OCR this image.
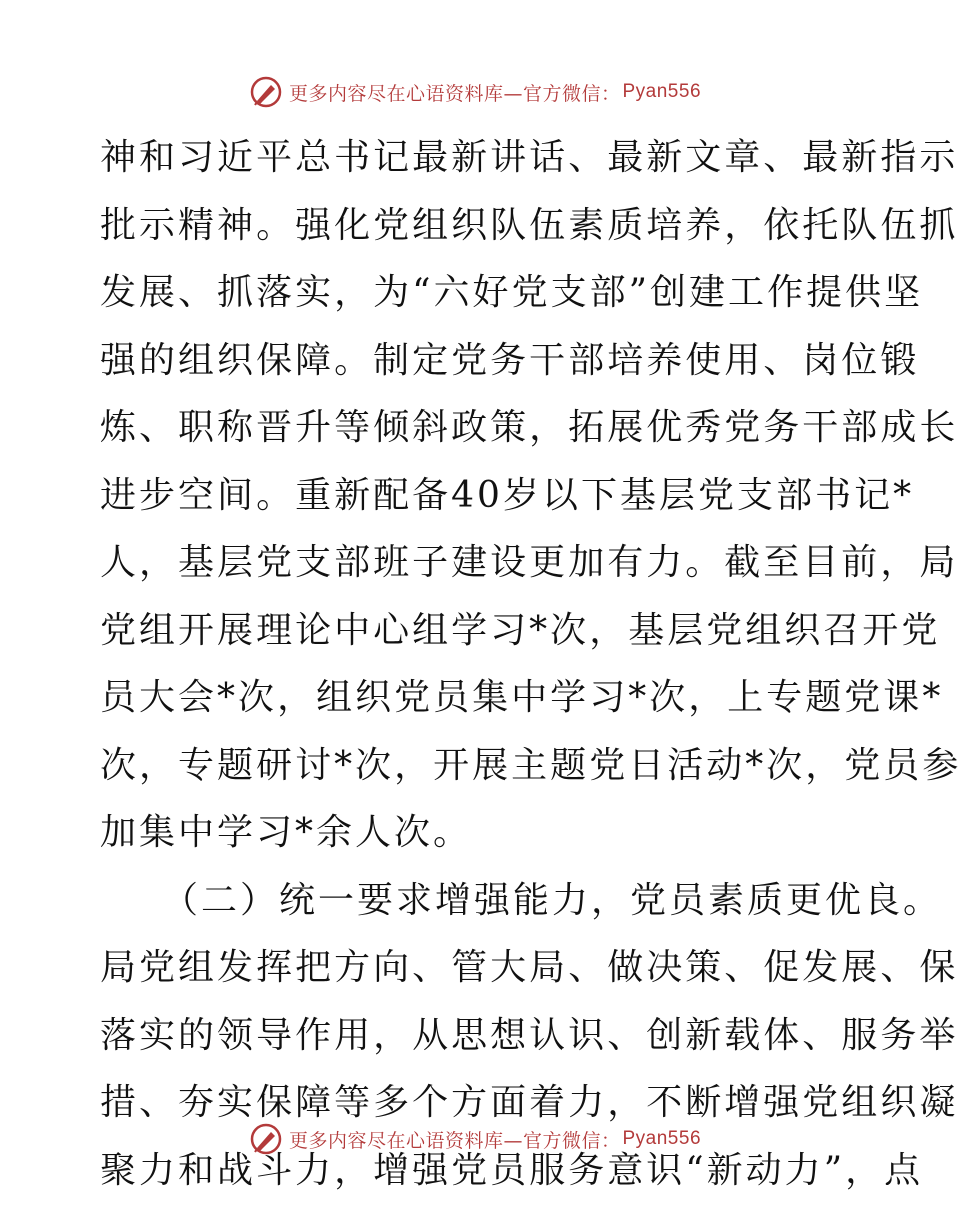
更多内容尽在心语资料库—官方微信： Pyan556
神 和 习 近 平 总 书 记 最 新 讲 话 、 最 新 文 章 、 最 新 指 示
批 示 精 神 。 强 化 党 组 织 队 伍 素 质 培 养 ， 依 托 队 伍 抓
发 展 、 抓 落 实 ， 为 “ 六 好 党 支 部 ” 创 建 工 作 提 供 坚
强 的 组 织 保 障 。 制 定 党 务 干 部 培 养 使 用 、 岗 位 锻
炼 、 职 称 晋 升 等 倾 斜 政 策 ， 拓 展 优 秀 党 务 干 部 成 长
进 步 空 间 。 重 新 配 备 4 0 岁 以 下 基 层 党 支 部 书 记 *
人 ， 基 层 党 支 部 班 子 建 设 更 加 有 力 。 截 至 目 前 ， 局
党 组 开 展 理 论 中 心 组 学 习 * 次 ， 基 层 党 组 织 召 开 党
员 大 会 * 次 ， 组 织 党 员 集 中 学 习 * 次 ， 上 专 题 党 课 *
次 ， 专 题 研 讨 * 次 ， 开 展 主 题 党 日 活 动 * 次 ， 党 员 参
加集中学习*余人次。
（二）统一要求增强能力，党员素质更优良。
局 党 组 发 挥 把 方 向 、 管 大 局 、 做 决 策 、 促 发 展 、 保
落 实 的 领 导 作 用 ， 从 思 想 认 识 、 创 新 载 体 、 服 务 举
措 、 夯 实 保 障 等 多 个 方 面 着 力 ， 不 断 增 强 党 组 织 凝
聚 力 和 战 斗 力 ， 增 强 党 员 服 务 意 识 “ 新 动 力 ” ， 点
更多内容尽在心语资料库—官方微信： Pyan556
